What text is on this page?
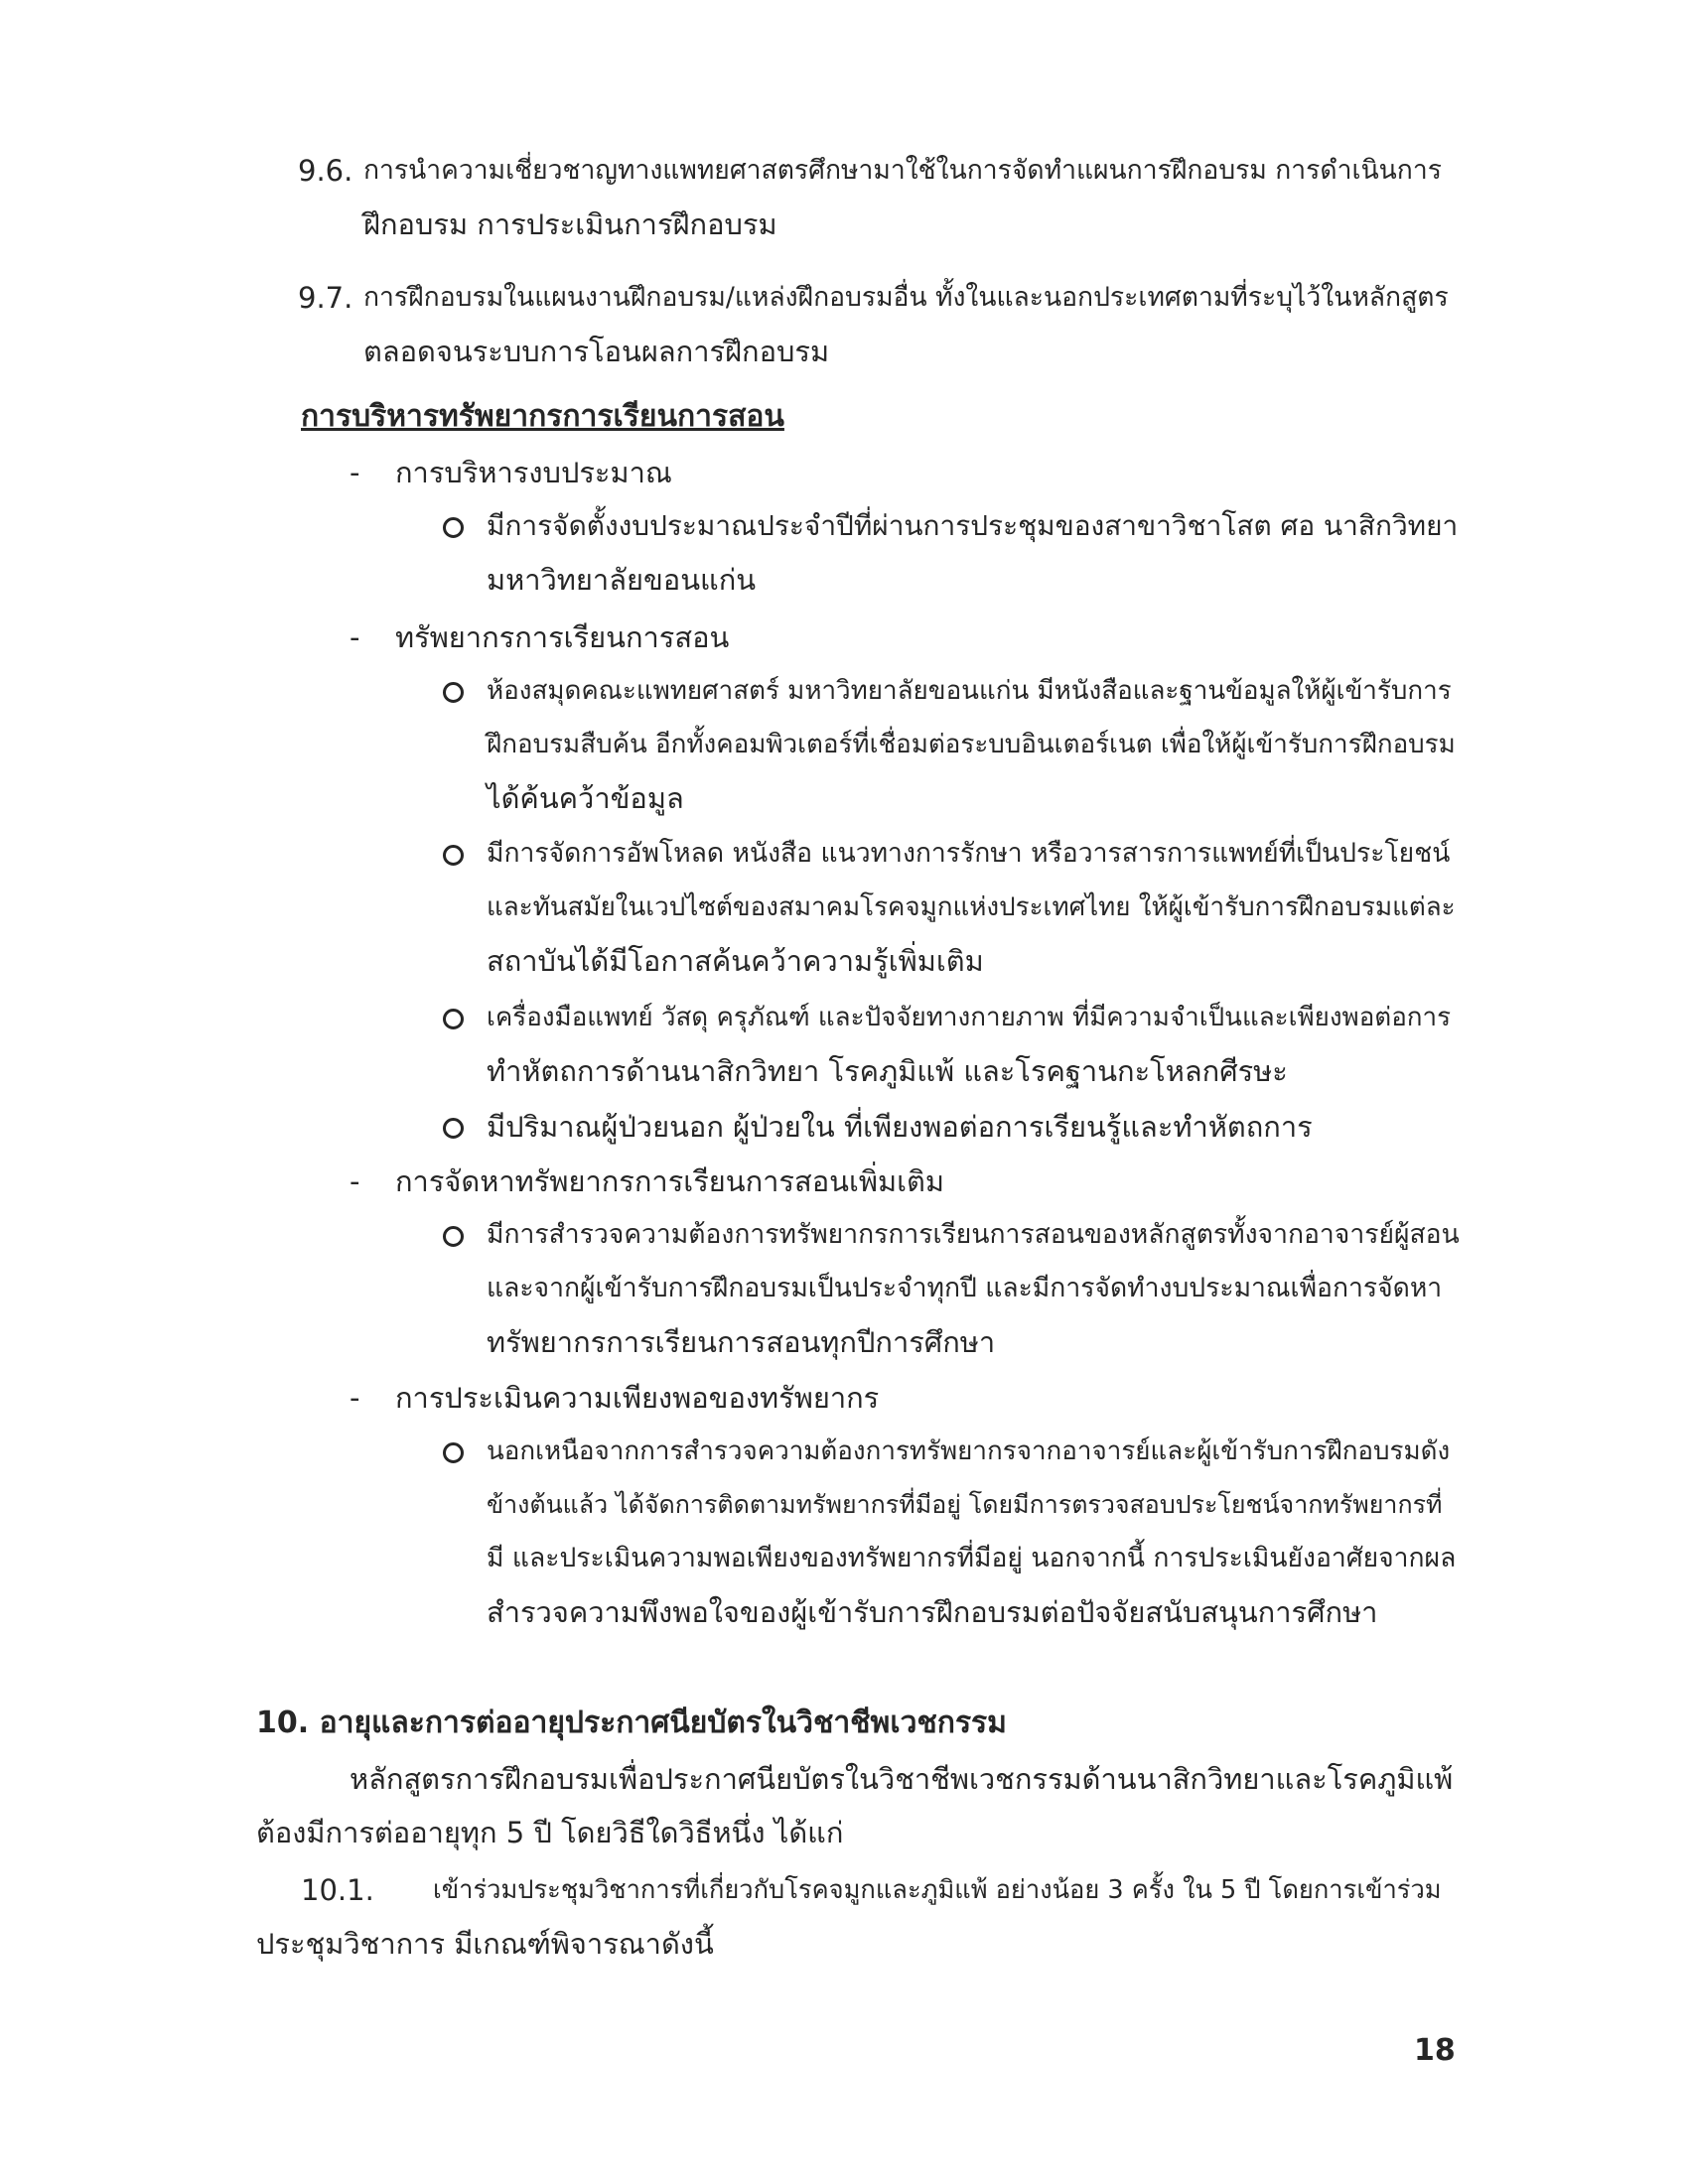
9.6. การนำความเชี่ยวชาญทางแพทยศาสตรศึกษามาใช้ในการจัดทำแผนการฝึกอบรม การดำเนินการ
ฝึกอบรม การประเมินการฝึกอบรม
9.7. การฝึกอบรมในแผนงานฝึกอบรม/แหล่งฝึกอบรมอื่น ทั้งในและนอกประเทศตามที่ระบุไว้ในหลักสูตร
ตลอดจนระบบการโอนผลการฝึกอบรม
การบริหารทรัพยากรการเรียนการสอน
- การบริหารงบประมาณ
มีการจัดตั้งงบประมาณประจำปีที่ผ่านการประชุมของสาขาวิชาโสต ศอ นาสิกวิทยา
มหาวิทยาลัยขอนแก่น
- ทรัพยากรการเรียนการสอน
ห้องสมุดคณะแพทยศาสตร์ มหาวิทยาลัยขอนแก่น มีหนังสือและฐานข้อมูลให้ผู้เข้ารับการ
ฝึกอบรมสืบค้น อีกทั้งคอมพิวเตอร์ที่เชื่อมต่อระบบอินเตอร์เนต เพื่อให้ผู้เข้ารับการฝึกอบรม
ได้ค้นคว้าข้อมูล
มีการจัดการอัพโหลด หนังสือ แนวทางการรักษา หรือวารสารการแพทย์ที่เป็นประโยชน์
และทันสมัยในเวปไซต์ของสมาคมโรคจมูกแห่งประเทศไทย ให้ผู้เข้ารับการฝึกอบรมแต่ละ
สถาบันได้มีโอกาสค้นคว้าความรู้เพิ่มเติม
เครื่องมือแพทย์ วัสดุ ครุภัณฑ์ และปัจจัยทางกายภาพ ที่มีความจำเป็นและเพียงพอต่อการ
ทำหัตถการด้านนาสิกวิทยา โรคภูมิแพ้ และโรคฐานกะโหลกศีรษะ
มีปริมาณผู้ป่วยนอก ผู้ป่วยใน ที่เพียงพอต่อการเรียนรู้และทำหัตถการ
- การจัดหาทรัพยากรการเรียนการสอนเพิ่มเติม
มีการสำรวจความต้องการทรัพยากรการเรียนการสอนของหลักสูตรทั้งจากอาจารย์ผู้สอน
และจากผู้เข้ารับการฝึกอบรมเป็นประจำทุกปี และมีการจัดทำงบประมาณเพื่อการจัดหา
ทรัพยากรการเรียนการสอนทุกปีการศึกษา
- การประเมินความเพียงพอของทรัพยากร
นอกเหนือจากการสำรวจความต้องการทรัพยากรจากอาจารย์และผู้เข้ารับการฝึกอบรมดัง
ข้างต้นแล้ว ได้จัดการติดตามทรัพยากรที่มีอยู่ โดยมีการตรวจสอบประโยชน์จากทรัพยากรที่
มี และประเมินความพอเพียงของทรัพยากรที่มีอยู่ นอกจากนี้ การประเมินยังอาศัยจากผล
สำรวจความพึงพอใจของผู้เข้ารับการฝึกอบรมต่อปัจจัยสนับสนุนการศึกษา
10. อายุและการต่ออายุประกาศนียบัตรในวิชาชีพเวชกรรม
หลักสูตรการฝึกอบรมเพื่อประกาศนียบัตรในวิชาชีพเวชกรรมด้านนาสิกวิทยาและโรคภูมิแพ้
ต้องมีการต่ออายุทุก 5 ปี โดยวิธีใดวิธีหนึ่ง ได้แก่
10.1. เข้าร่วมประชุมวิชาการที่เกี่ยวกับโรคจมูกและภูมิแพ้ อย่างน้อย 3 ครั้ง ใน 5 ปี โดยการเข้าร่วม
ประชุมวิชาการ มีเกณฑ์พิจารณาดังนี้
18
